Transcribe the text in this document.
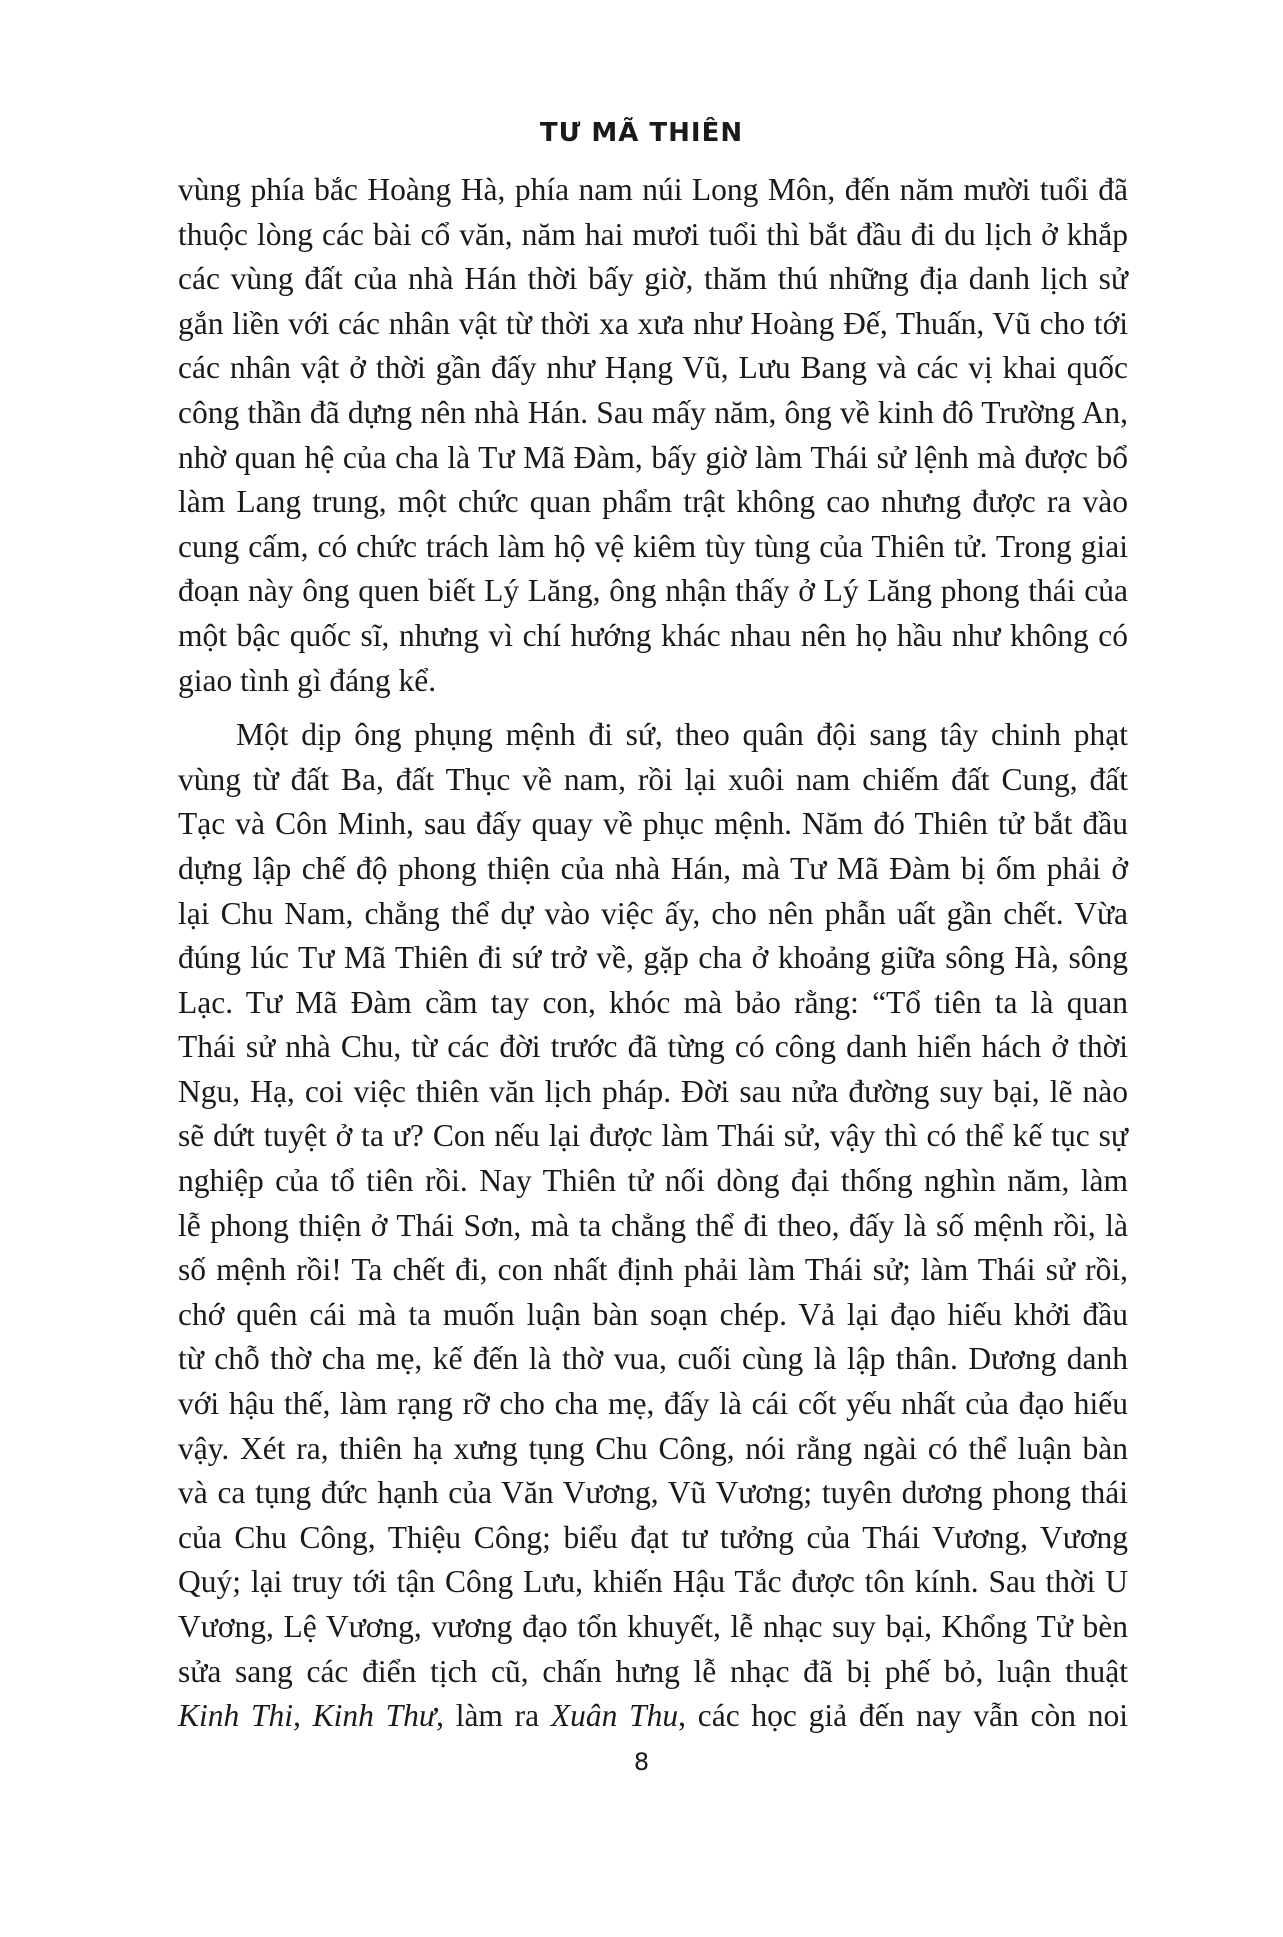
TƯ MÃ THIÊN
vùng phía bắc Hoàng Hà, phía nam núi Long Môn, đến năm mười tuổi đã
thuộc lòng các bài cổ văn, năm hai mươi tuổi thì bắt đầu đi du lịch ở khắp
các vùng đất của nhà Hán thời bấy giờ, thăm thú những địa danh lịch sử
gắn liền với các nhân vật từ thời xa xưa như Hoàng Đế, Thuấn, Vũ cho tới
các nhân vật ở thời gần đấy như Hạng Vũ, Lưu Bang và các vị khai quốc
công thần đã dựng nên nhà Hán. Sau mấy năm, ông về kinh đô Trường An,
nhờ quan hệ của cha là Tư Mã Đàm, bấy giờ làm Thái sử lệnh mà được bổ
làm Lang trung, một chức quan phẩm trật không cao nhưng được ra vào
cung cấm, có chức trách làm hộ vệ kiêm tùy tùng của Thiên tử. Trong giai
đoạn này ông quen biết Lý Lăng, ông nhận thấy ở Lý Lăng phong thái của
một bậc quốc sĩ, nhưng vì chí hướng khác nhau nên họ hầu như không có
giao tình gì đáng kể.
Một dịp ông phụng mệnh đi sứ, theo quân đội sang tây chinh phạt
vùng từ đất Ba, đất Thục về nam, rồi lại xuôi nam chiếm đất Cung, đất
Tạc và Côn Minh, sau đấy quay về phục mệnh. Năm đó Thiên tử bắt đầu
dựng lập chế độ phong thiện của nhà Hán, mà Tư Mã Đàm bị ốm phải ở
lại Chu Nam, chẳng thể dự vào việc ấy, cho nên phẫn uất gần chết. Vừa
đúng lúc Tư Mã Thiên đi sứ trở về, gặp cha ở khoảng giữa sông Hà, sông
Lạc. Tư Mã Đàm cầm tay con, khóc mà bảo rằng: “Tổ tiên ta là quan
Thái sử nhà Chu, từ các đời trước đã từng có công danh hiển hách ở thời
Ngu, Hạ, coi việc thiên văn lịch pháp. Đời sau nửa đường suy bại, lẽ nào
sẽ dứt tuyệt ở ta ư? Con nếu lại được làm Thái sử, vậy thì có thể kế tục sự
nghiệp của tổ tiên rồi. Nay Thiên tử nối dòng đại thống nghìn năm, làm
lễ phong thiện ở Thái Sơn, mà ta chẳng thể đi theo, đấy là số mệnh rồi, là
số mệnh rồi! Ta chết đi, con nhất định phải làm Thái sử; làm Thái sử rồi,
chớ quên cái mà ta muốn luận bàn soạn chép. Vả lại đạo hiếu khởi đầu
từ chỗ thờ cha mẹ, kế đến là thờ vua, cuối cùng là lập thân. Dương danh
với hậu thế, làm rạng rỡ cho cha mẹ, đấy là cái cốt yếu nhất của đạo hiếu
vậy. Xét ra, thiên hạ xưng tụng Chu Công, nói rằng ngài có thể luận bàn
và ca tụng đức hạnh của Văn Vương, Vũ Vương; tuyên dương phong thái
của Chu Công, Thiệu Công; biểu đạt tư tưởng của Thái Vương, Vương
Quý; lại truy tới tận Công Lưu, khiến Hậu Tắc được tôn kính. Sau thời U
Vương, Lệ Vương, vương đạo tổn khuyết, lễ nhạc suy bại, Khổng Tử bèn
sửa sang các điển tịch cũ, chấn hưng lễ nhạc đã bị phế bỏ, luận thuật
Kinh Thi, Kinh Thư, làm ra Xuân Thu, các học giả đến nay vẫn còn noi
8
